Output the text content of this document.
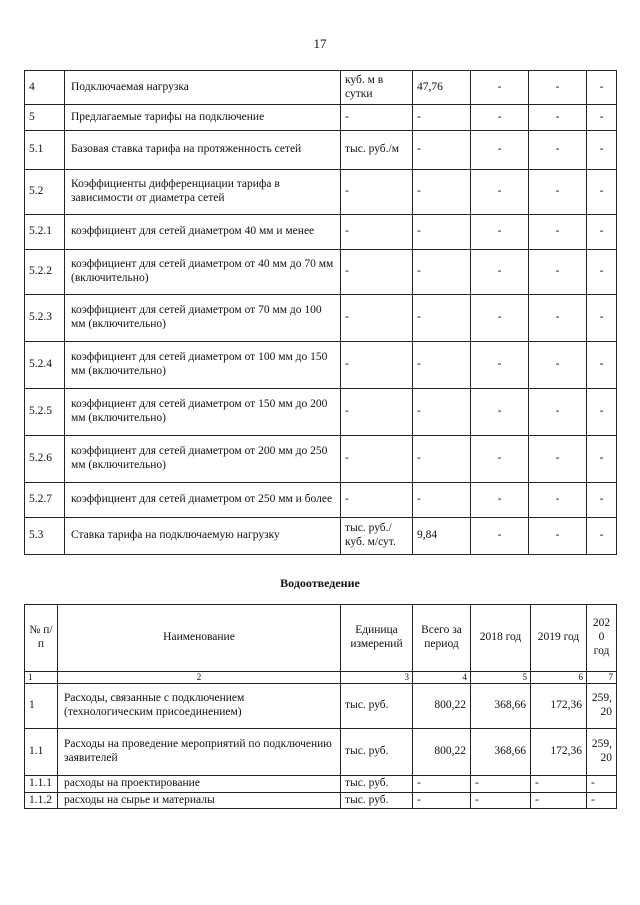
17
4	Подключаемая нагрузка	куб. м в сутки	47,76	-	-	-
5	Предлагаемые тарифы на подключение	-	-	-	-	-
5.1	Базовая ставка тарифа на протяженность сетей	тыс. руб./м	-	-	-	-
5.2	Коэффициенты дифференциации тарифа в зависимости от диаметра сетей	-	-	-	-	-
5.2.1	коэффициент для сетей диаметром 40 мм и менее	-	-	-	-	-
5.2.2	коэффициент для сетей диаметром от 40 мм до 70 мм (включительно)	-	-	-	-	-
5.2.3	коэффициент для сетей диаметром от 70 мм до 100 мм (включительно)	-	-	-	-	-
5.2.4	коэффициент для сетей диаметром от 100 мм до 150 мм (включительно)	-	-	-	-	-
5.2.5	коэффициент для сетей диаметром от 150 мм до 200 мм (включительно)	-	-	-	-	-
5.2.6	коэффициент для сетей диаметром от 200 мм до 250 мм (включительно)	-	-	-	-	-
5.2.7	коэффициент для сетей диаметром от 250 мм и более	-	-	-	-	-
5.3	Ставка тарифа на подключаемую нагрузку	тыс. руб./ куб. м/сут.	9,84	-	-	-
Водоотведение
№ п/п	Наименование	Единица измерений	Всего за период	2018 год	2019 год	202 0 год
1	2	3	4	5	6	7
1	Расходы, связанные с подключением (технологическим присоединением)	тыс. руб.	800,22	368,66	172,36	259, 20
1.1	Расходы на проведение мероприятий по подключению заявителей	тыс. руб.	800,22	368,66	172,36	259, 20
1.1.1	расходы на проектирование	тыс. руб.	-	-	-	-
1.1.2	расходы на сырье и материалы	тыс. руб.	-	-	-	-
